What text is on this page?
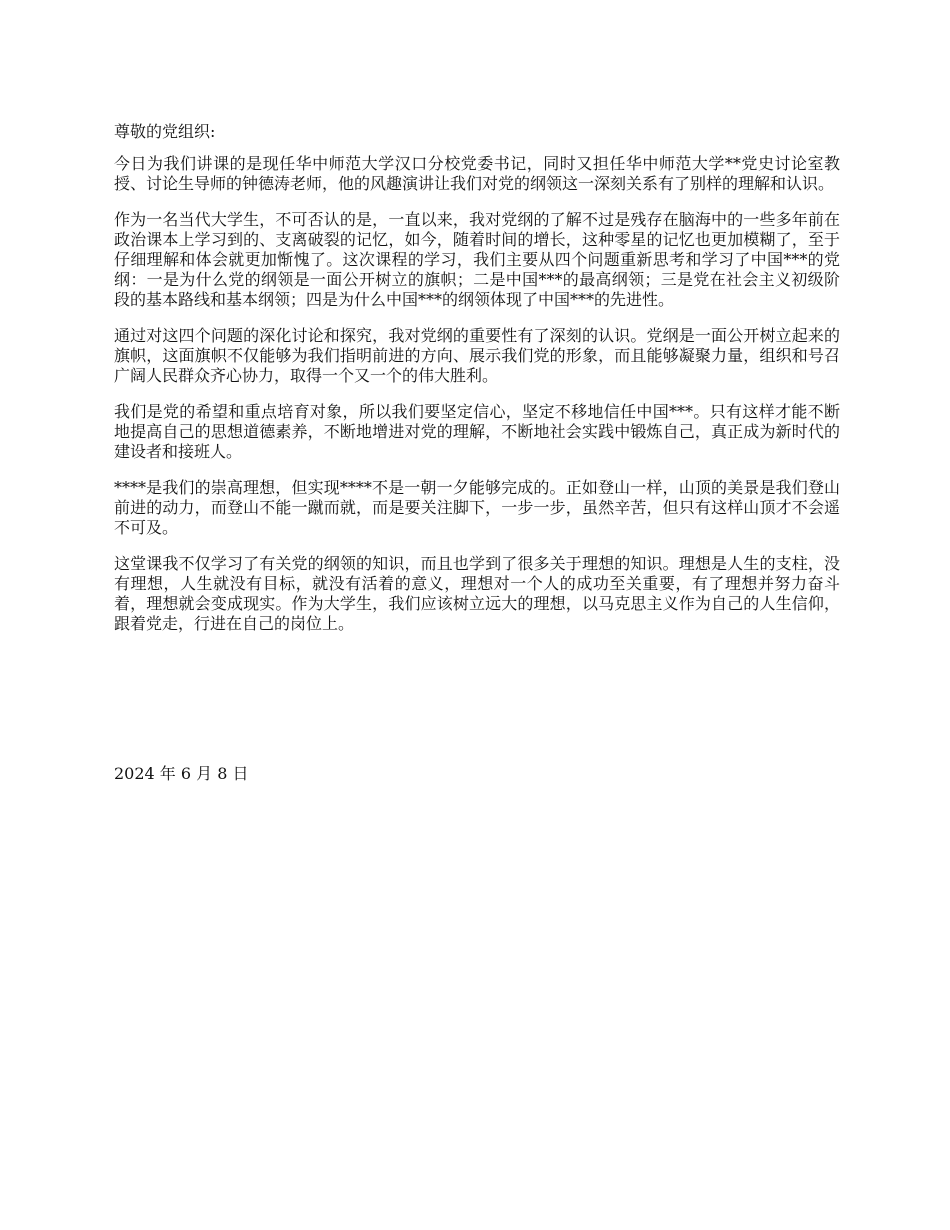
尊敬的党组织:

今日为我们讲课的是现任华中师范大学汉口分校党委书记，同时又担任华中师范大学**党史讨论室教授、讨论生导师的钟德涛老师，他的风趣演讲让我们对党的纲领这一深刻关系有了别样的理解和认识。

作为一名当代大学生，不可否认的是，一直以来，我对党纲的了解不过是残存在脑海中的一些多年前在政治课本上学习到的、支离破裂的记忆，如今，随着时间的增长，这种零星的记忆也更加模糊了，至于仔细理解和体会就更加惭愧了。这次课程的学习，我们主要从四个问题重新思考和学习了中国***的党纲：一是为什么党的纲领是一面公开树立的旗帜；二是中国***的最高纲领；三是党在社会主义初级阶段的基本路线和基本纲领；四是为什么中国***的纲领体现了中国***的先进性。

通过对这四个问题的深化讨论和探究，我对党纲的重要性有了深刻的认识。党纲是一面公开树立起来的旗帜，这面旗帜不仅能够为我们指明前进的方向、展示我们党的形象，而且能够凝聚力量，组织和号召广阔人民群众齐心协力，取得一个又一个的伟大胜利。

我们是党的希望和重点培育对象，所以我们要坚定信心，坚定不移地信任中国***。只有这样才能不断地提高自己的思想道德素养，不断地增进对党的理解，不断地社会实践中锻炼自己，真正成为新时代的建设者和接班人。

****是我们的崇高理想，但实现****不是一朝一夕能够完成的。正如登山一样，山顶的美景是我们登山前进的动力，而登山不能一蹴而就，而是要关注脚下，一步一步，虽然辛苦，但只有这样山顶才不会遥不可及。

这堂课我不仅学习了有关党的纲领的知识，而且也学到了很多关于理想的知识。理想是人生的支柱，没有理想，人生就没有目标，就没有活着的意义，理想对一个人的成功至关重要，有了理想并努力奋斗着，理想就会变成现实。作为大学生，我们应该树立远大的理想，以马克思主义作为自己的人生信仰，跟着党走，行进在自己的岗位上。

2024 年 6 月 8 日
